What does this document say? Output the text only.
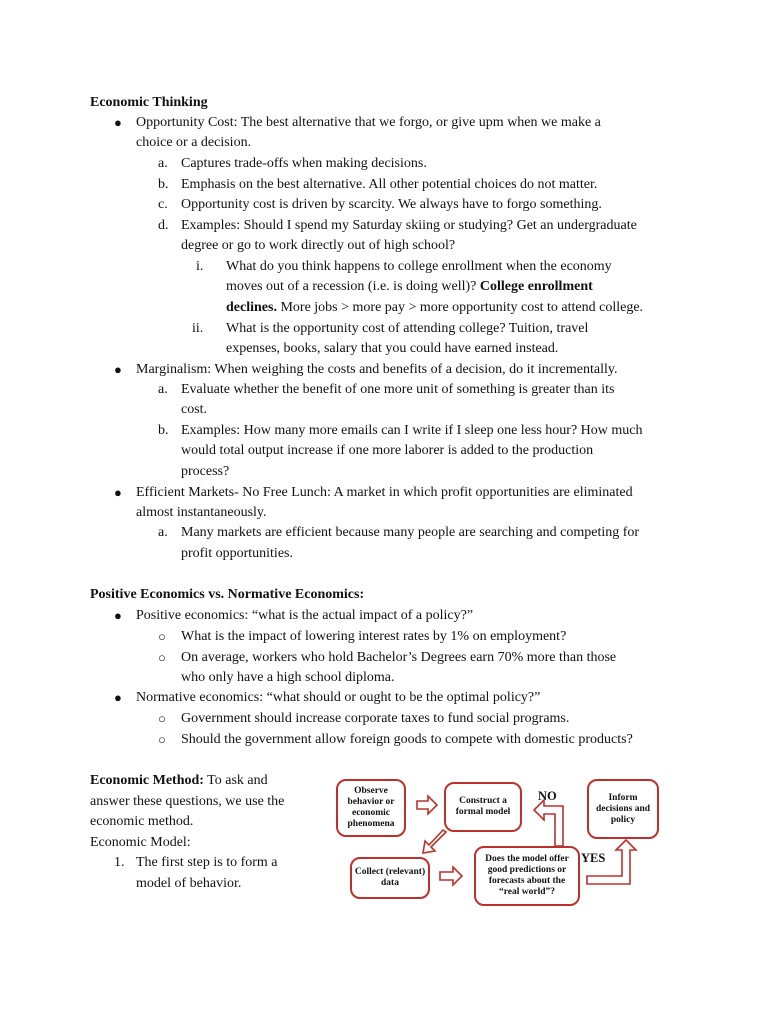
Economic Thinking
● Opportunity Cost: The best alternative that we forgo, or give upm when we make a
choice or a decision.
a. Captures trade-offs when making decisions.
b. Emphasis on the best alternative. All other potential choices do not matter.
c. Opportunity cost is driven by scarcity. We always have to forgo something.
d. Examples: Should I spend my Saturday skiing or studying? Get an undergraduate
degree or go to work directly out of high school?
i. What do you think happens to college enrollment when the economy
moves out of a recession (i.e. is doing well)? College enrollment
declines. More jobs > more pay > more opportunity cost to attend college.
ii. What is the opportunity cost of attending college? Tuition, travel
expenses, books, salary that you could have earned instead.
● Marginalism: When weighing the costs and benefits of a decision, do it incrementally.
a. Evaluate whether the benefit of one more unit of something is greater than its
cost.
b. Examples: How many more emails can I write if I sleep one less hour? How much
would total output increase if one more laborer is added to the production
process?
● Efficient Markets- No Free Lunch: A market in which profit opportunities are eliminated
almost instantaneously.
a. Many markets are efficient because many people are searching and competing for
profit opportunities.
Positive Economics vs. Normative Economics:
● Positive economics: “what is the actual impact of a policy?”
○ What is the impact of lowering interest rates by 1% on employment?
○ On average, workers who hold Bachelor’s Degrees earn 70% more than those
who only have a high school diploma.
● Normative economics: “what should or ought to be the optimal policy?”
○ Government should increase corporate taxes to fund social programs.
○ Should the government allow foreign goods to compete with domestic products?
Economic Method: To ask and
answer these questions, we use the
economic method.
Economic Model:
1. The first step is to form a
model of behavior.
Observe behavior or economic phenomena
Construct a formal model
Inform decisions and policy
Collect (relevant) data
Does the model offer good predictions or forecasts about the “real world”?
NO
YES
